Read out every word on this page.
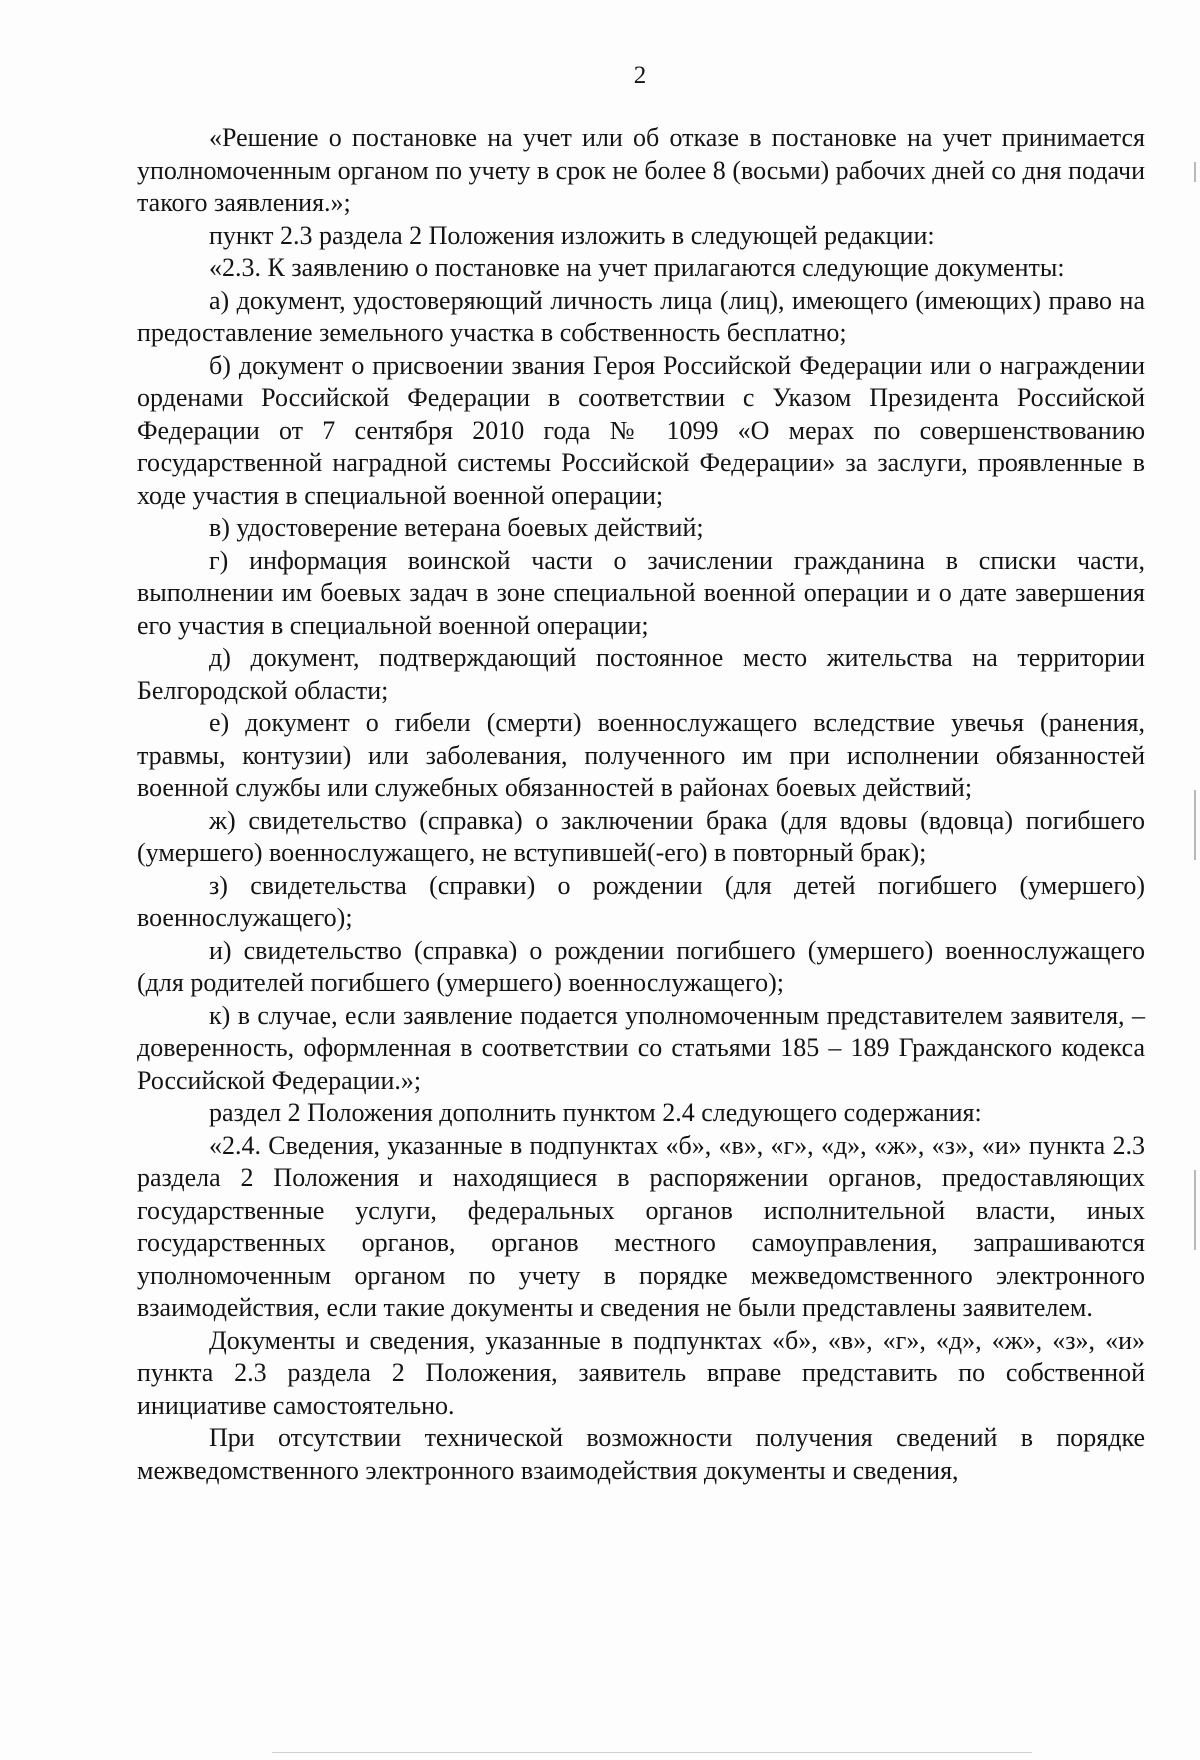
2

«Решение о постановке на учет или об отказе в постановке на учет принимается уполномоченным органом по учету в срок не более 8 (восьми) рабочих дней со дня подачи такого заявления.»;

пункт 2.3 раздела 2 Положения изложить в следующей редакции:

«2.3. К заявлению о постановке на учет прилагаются следующие документы:

а) документ, удостоверяющий личность лица (лиц), имеющего (имеющих) право на предоставление земельного участка в собственность бесплатно;

б) документ о присвоении звания Героя Российской Федерации или о награждении орденами Российской Федерации в соответствии с Указом Президента Российской Федерации от 7 сентября 2010 года № 1099 «О мерах по совершенствованию государственной наградной системы Российской Федерации» за заслуги, проявленные в ходе участия в специальной военной операции;

в) удостоверение ветерана боевых действий;

г) информация воинской части о зачислении гражданина в списки части, выполнении им боевых задач в зоне специальной военной операции и о дате завершения его участия в специальной военной операции;

д) документ, подтверждающий постоянное место жительства на территории Белгородской области;

е) документ о гибели (смерти) военнослужащего вследствие увечья (ранения, травмы, контузии) или заболевания, полученного им при исполнении обязанностей военной службы или служебных обязанностей в районах боевых действий;

ж) свидетельство (справка) о заключении брака (для вдовы (вдовца) погибшего (умершего) военнослужащего, не вступившей(-его) в повторный брак);

з) свидетельства (справки) о рождении (для детей погибшего (умершего) военнослужащего);

и) свидетельство (справка) о рождении погибшего (умершего) военнослужащего (для родителей погибшего (умершего) военнослужащего);

к) в случае, если заявление подается уполномоченным представителем заявителя, – доверенность, оформленная в соответствии со статьями 185 – 189 Гражданского кодекса Российской Федерации.»;

раздел 2 Положения дополнить пунктом 2.4 следующего содержания:

«2.4. Сведения, указанные в подпунктах «б», «в», «г», «д», «ж», «з», «и» пункта 2.3 раздела 2 Положения и находящиеся в распоряжении органов, предоставляющих государственные услуги, федеральных органов исполнительной власти, иных государственных органов, органов местного самоуправления, запрашиваются уполномоченным органом по учету в порядке межведомственного электронного взаимодействия, если такие документы и сведения не были представлены заявителем.

Документы и сведения, указанные в подпунктах «б», «в», «г», «д», «ж», «з», «и» пункта 2.3 раздела 2 Положения, заявитель вправе представить по собственной инициативе самостоятельно.

При отсутствии технической возможности получения сведений в порядке межведомственного электронного взаимодействия документы и сведения,
